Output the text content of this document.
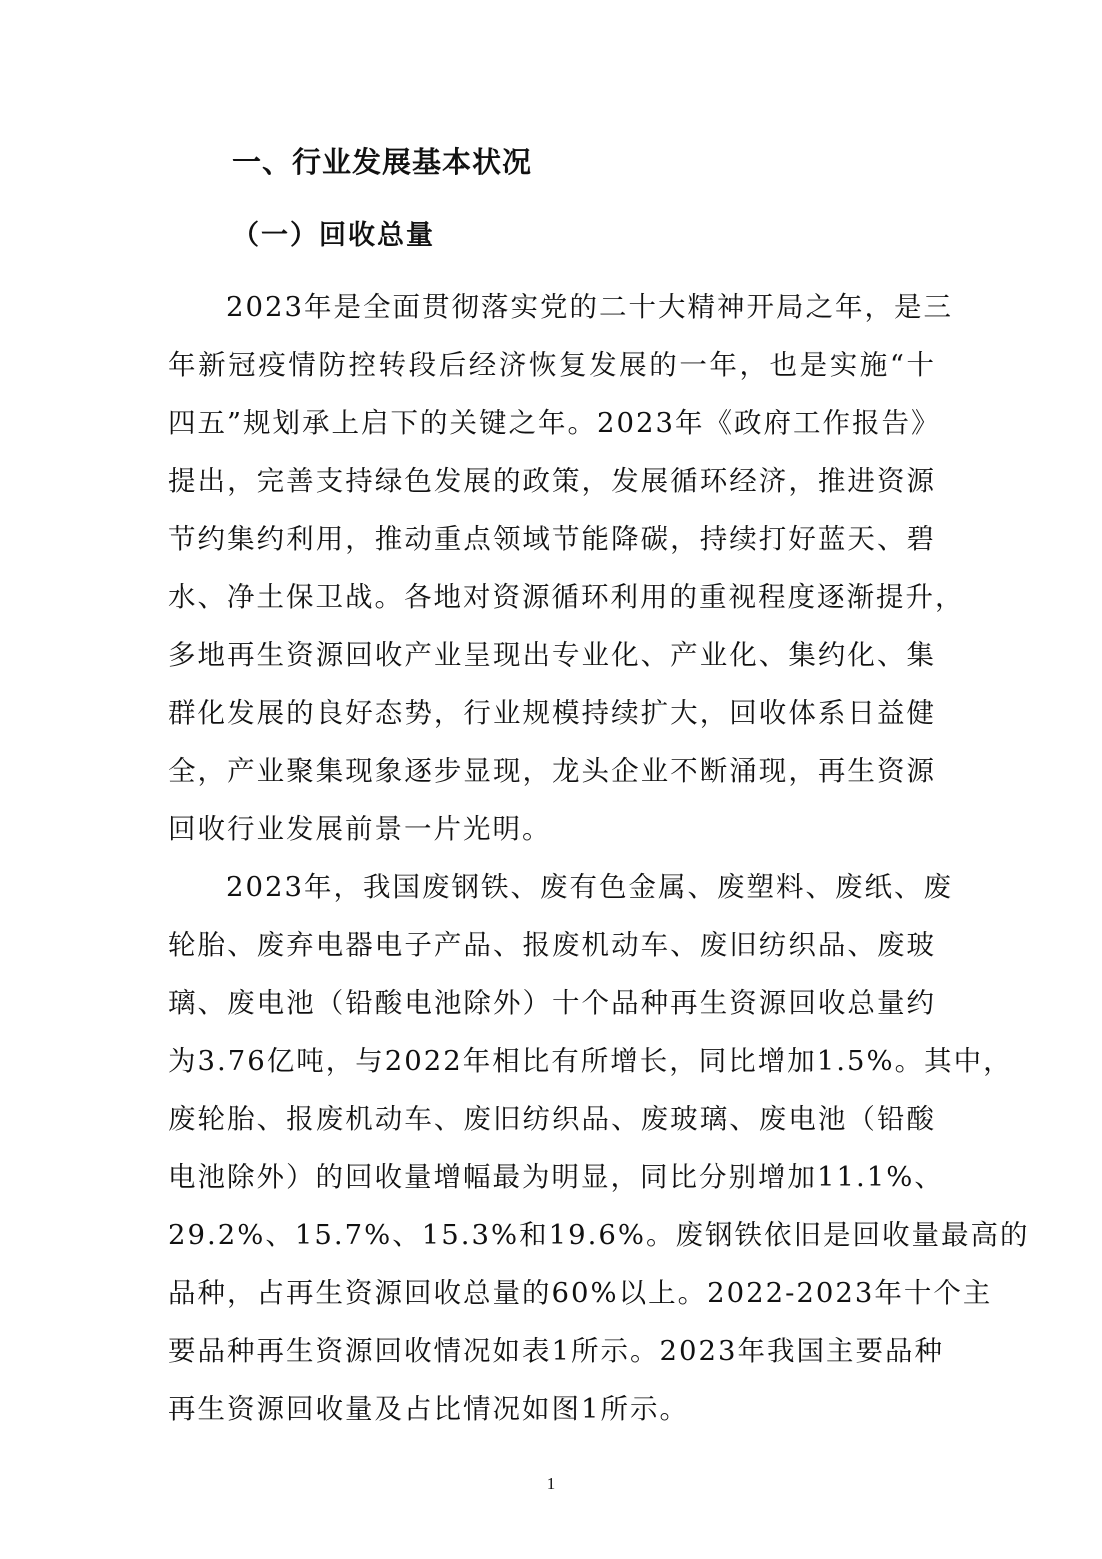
一、行业发展基本状况
（一）回收总量
2023年是全面贯彻落实党的二十大精神开局之年，是三
年新冠疫情防控转段后经济恢复发展的一年，也是实施“十
四五”规划承上启下的关键之年。2023年《政府工作报告》
提出，完善支持绿色发展的政策，发展循环经济，推进资源
节约集约利用，推动重点领域节能降碳，持续打好蓝天、碧
水、净土保卫战。各地对资源循环利用的重视程度逐渐提升，
多地再生资源回收产业呈现出专业化、产业化、集约化、集
群化发展的良好态势，行业规模持续扩大，回收体系日益健
全，产业聚集现象逐步显现，龙头企业不断涌现，再生资源
回收行业发展前景一片光明。
2023年，我国废钢铁、废有色金属、废塑料、废纸、废
轮胎、废弃电器电子产品、报废机动车、废旧纺织品、废玻
璃、废电池（铅酸电池除外）十个品种再生资源回收总量约
为3.76亿吨，与2022年相比有所增长，同比增加1.5%。其中，
废轮胎、报废机动车、废旧纺织品、废玻璃、废电池（铅酸
电池除外）的回收量增幅最为明显，同比分别增加11.1%、
29.2%、15.7%、15.3%和19.6%。废钢铁依旧是回收量最高的
品种，占再生资源回收总量的60%以上。2022-2023年十个主
要品种再生资源回收情况如表1所示。2023年我国主要品种
再生资源回收量及占比情况如图1所示。
1
